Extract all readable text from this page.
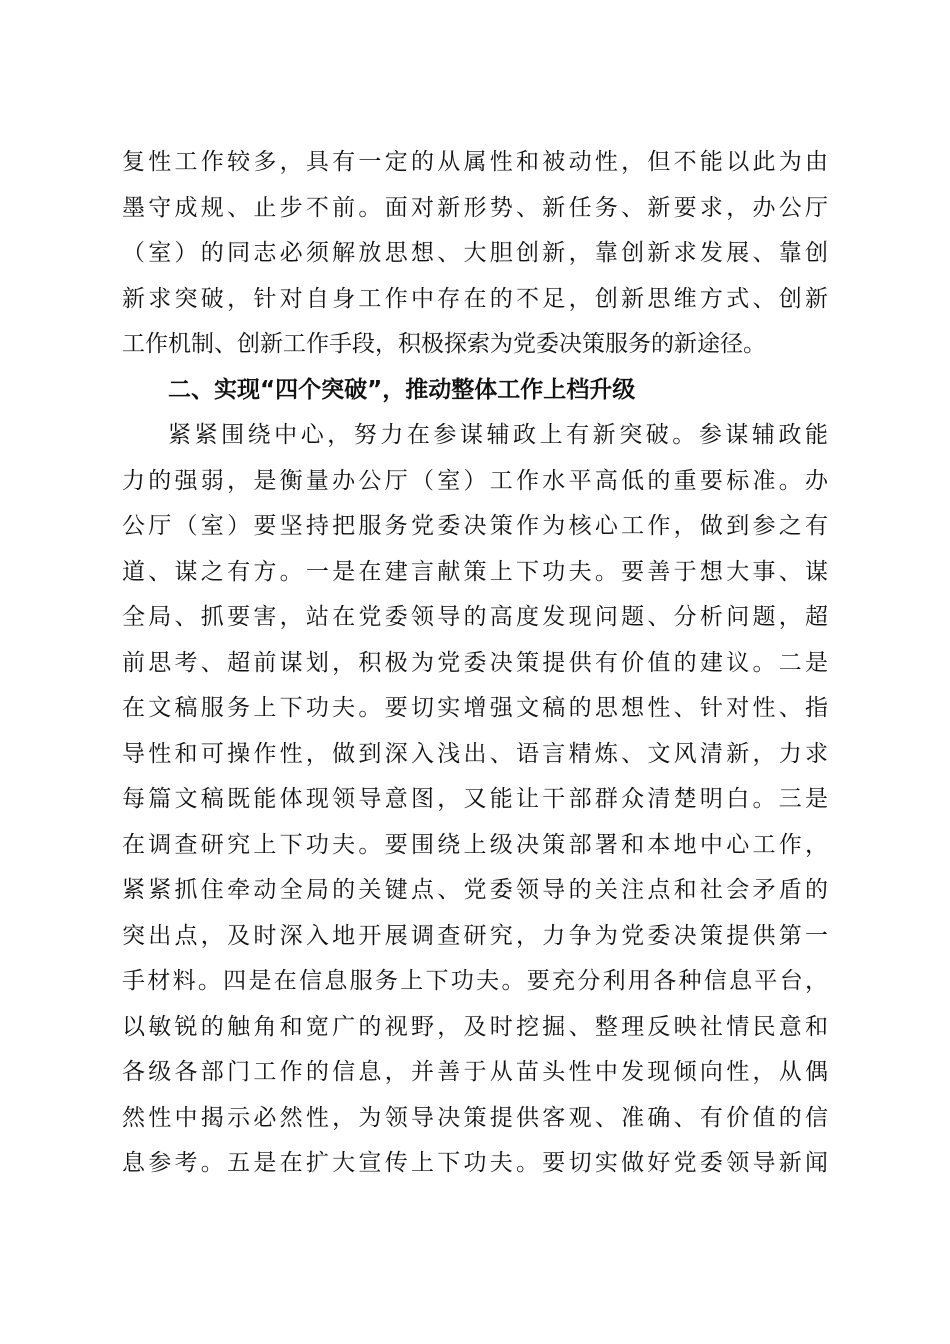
复性工作较多，具有一定的从属性和被动性，但不能以此为由
墨守成规、止步不前。面对新形势、新任务、新要求，办公厅
（室）的同志必须解放思想、大胆创新，靠创新求发展、靠创
新求突破，针对自身工作中存在的不足，创新思维方式、创新
工作机制、创新工作手段，积极探索为党委决策服务的新途径。
二、实现“四个突破”，推动整体工作上档升级
紧紧围绕中心，努力在参谋辅政上有新突破。参谋辅政能
力的强弱，是衡量办公厅（室）工作水平高低的重要标准。办
公厅（室）要坚持把服务党委决策作为核心工作，做到参之有
道、谋之有方。一是在建言献策上下功夫。要善于想大事、谋
全局、抓要害，站在党委领导的高度发现问题、分析问题，超
前思考、超前谋划，积极为党委决策提供有价值的建议。二是
在文稿服务上下功夫。要切实增强文稿的思想性、针对性、指
导性和可操作性，做到深入浅出、语言精炼、文风清新，力求
每篇文稿既能体现领导意图，又能让干部群众清楚明白。三是
在调查研究上下功夫。要围绕上级决策部署和本地中心工作，
紧紧抓住牵动全局的关键点、党委领导的关注点和社会矛盾的
突出点，及时深入地开展调查研究，力争为党委决策提供第一
手材料。四是在信息服务上下功夫。要充分利用各种信息平台，
以敏锐的触角和宽广的视野，及时挖掘、整理反映社情民意和
各级各部门工作的信息，并善于从苗头性中发现倾向性，从偶
然性中揭示必然性，为领导决策提供客观、准确、有价值的信
息参考。五是在扩大宣传上下功夫。要切实做好党委领导新闻
